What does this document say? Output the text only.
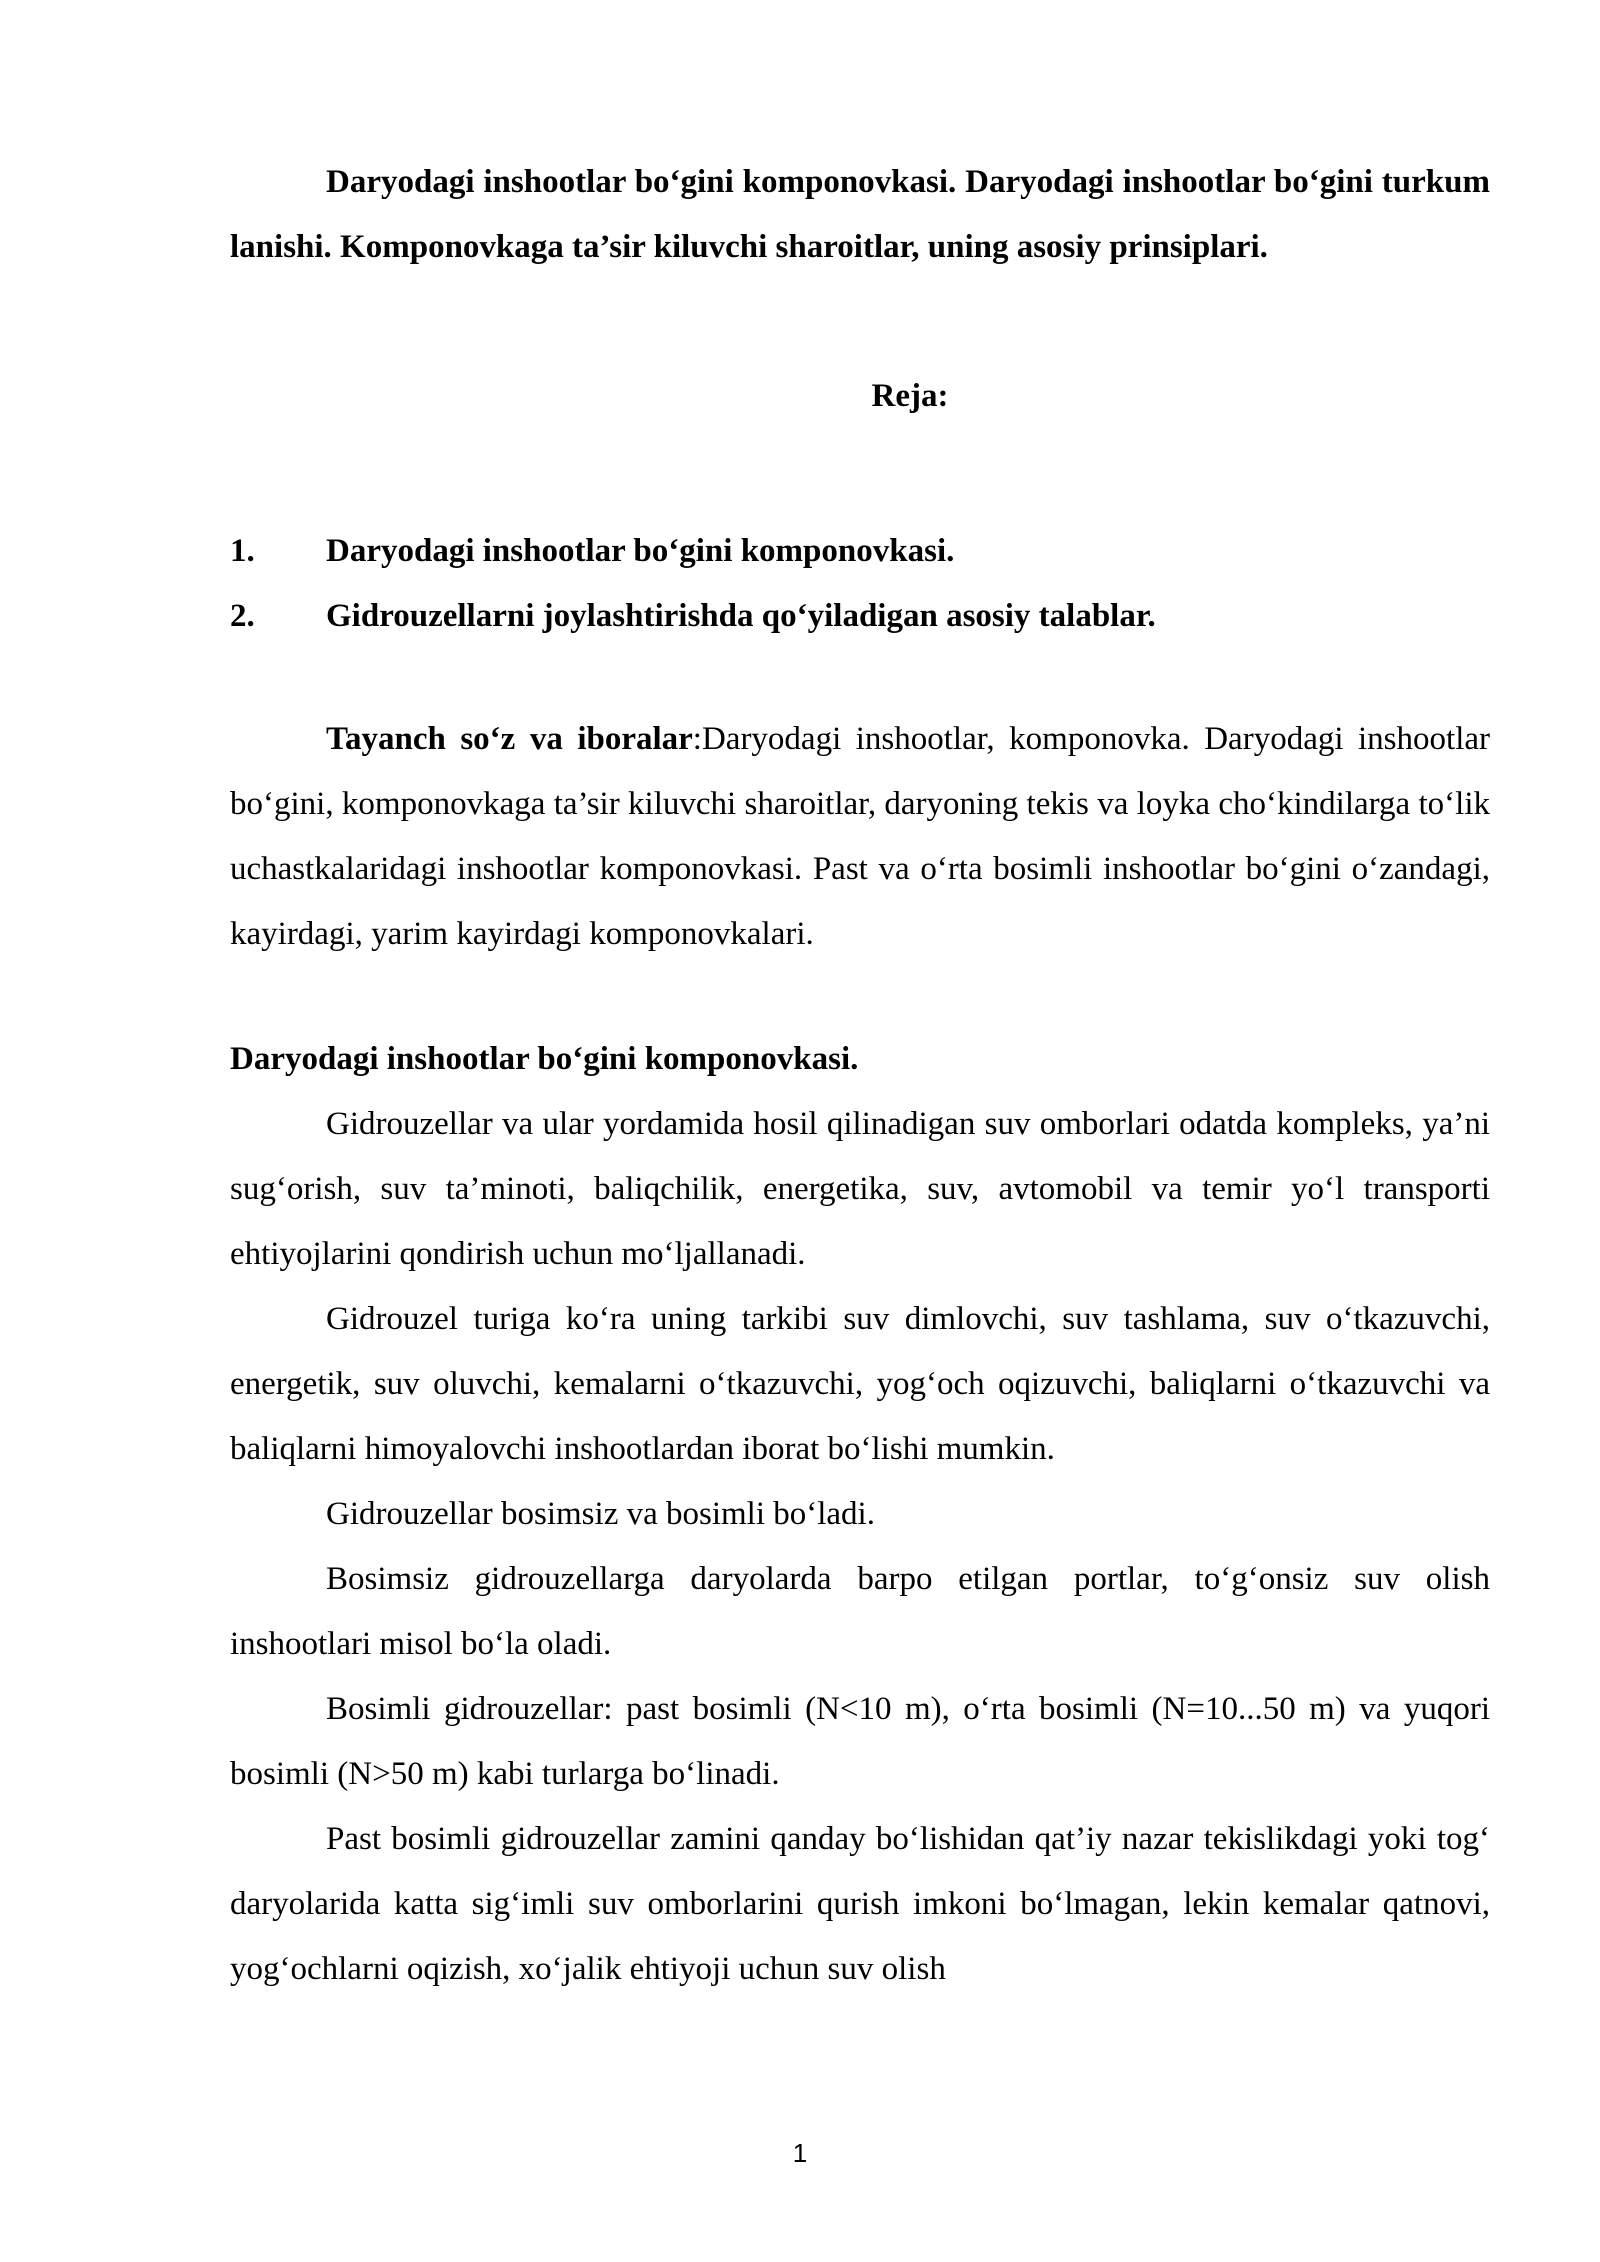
Daryodagi inshootlar bo‘gini komponovkasi. Daryodagi inshootlar bo‘gini turkum lanishi. Komponovkaga ta’sir kiluvchi sharoitlar, uning asosiy prinsiplari.

Reja:

1.	Daryodagi inshootlar bo‘gini komponovkasi.
2.	Gidrouzellarni joylashtirishda qo‘yiladigan asosiy talablar.

Tayanch so‘z va iboralar:Daryodagi inshootlar, komponovka. Daryodagi inshootlar bo‘gini, komponovkaga ta’sir kiluvchi sharoitlar, daryoning tekis va loyka cho‘kindilarga to‘lik uchastkalaridagi inshootlar komponovkasi. Past va o‘rta bosimli inshootlar bo‘gini o‘zandagi, kayirdagi, yarim kayirdagi komponovkalari.

Daryodagi inshootlar bo‘gini komponovkasi.

Gidrouzellar va ular yordamida hosil qilinadigan suv omborlari odatda kompleks, ya’ni sug‘orish, suv ta’minoti, baliqchilik, energetika, suv, avtomobil va temir yo‘l transporti ehtiyojlarini qondirish uchun mo‘ljallanadi.

Gidrouzel turiga ko‘ra uning tarkibi suv dimlovchi, suv tashlama, suv o‘tkazuvchi, energetik, suv oluvchi, kemalarni o‘tkazuvchi, yog‘och oqizuvchi, baliqlarni o‘tkazuvchi va baliqlarni himoyalovchi inshootlardan iborat bo‘lishi mumkin.

Gidrouzellar bosimsiz va bosimli bo‘ladi.

Bosimsiz gidrouzellarga daryolarda barpo etilgan portlar, to‘g‘onsiz suv olish inshootlari misol bo‘la oladi.

Bosimli gidrouzellar: past bosimli (N<10 m), o‘rta bosimli (N=10...50 m) va yuqori bosimli (N>50 m) kabi turlarga bo‘linadi.

Past bosimli gidrouzellar zamini qanday bo‘lishidan qat’iy nazar tekislikdagi yoki tog‘ daryolarida katta sig‘imli suv omborlarini qurish imkoni bo‘lmagan, lekin kemalar qatnovi, yog‘ochlarni oqizish, xo‘jalik ehtiyoji uchun suv olish

1
